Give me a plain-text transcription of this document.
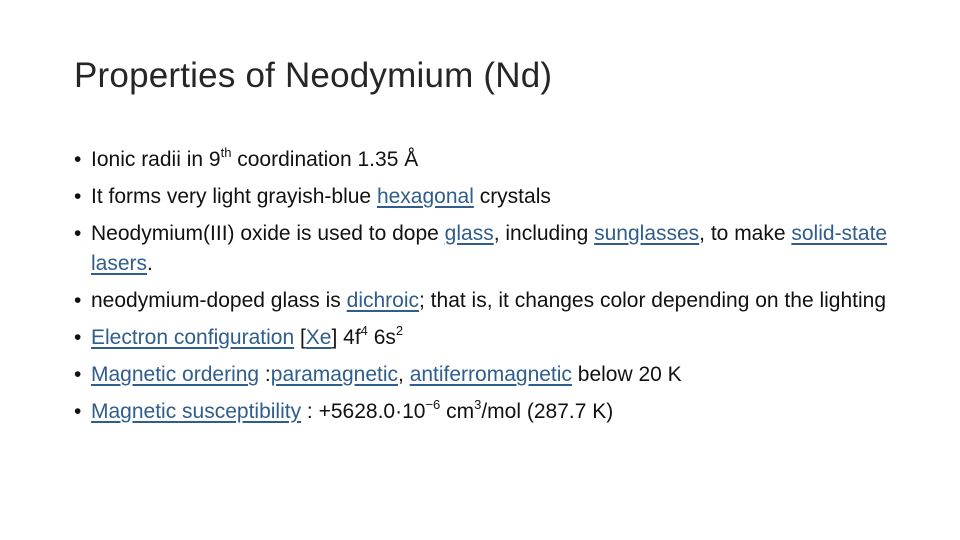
Properties of Neodymium (Nd)
• Ionic radii in 9th coordination 1.35 Å
• It forms very light grayish-blue hexagonal crystals
• Neodymium(III) oxide is used to dope glass, including sunglasses, to make solid-state lasers.
• neodymium-doped glass is dichroic; that is, it changes color depending on the lighting
• Electron configuration [Xe] $4f^4$ $6s^2$
• Magnetic ordering :paramagnetic, antiferromagnetic below 20 K
• Magnetic susceptibility : $+5628.0\cdot 10^{-6}$ $cm^3$/mol (287.7 K)
